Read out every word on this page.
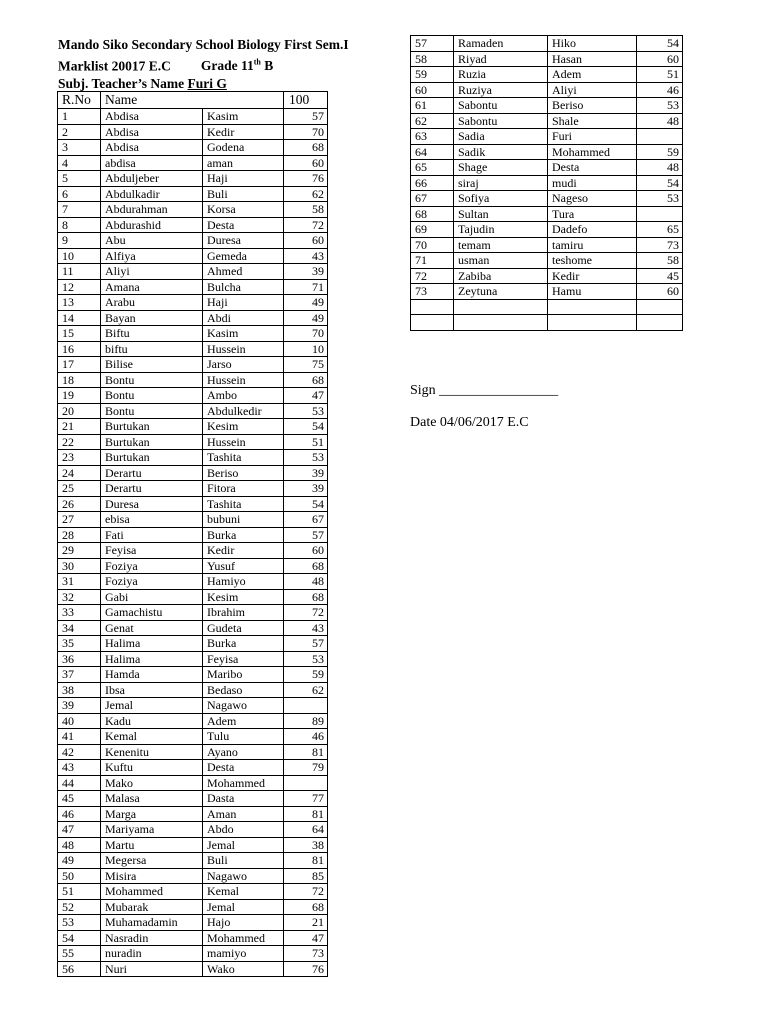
Mando Siko Secondary School Biology First Sem.I
Marklist 20017 E.C Grade 11th B
Subj. Teacher’s Name Furi G
R.No	Name		100
1	Abdisa	Kasim	57
2	Abdisa	Kedir	70
3	Abdisa	Godena	68
4	abdisa	aman	60
5	Abduljeber	Haji	76
6	Abdulkadir	Buli	62
7	Abdurahman	Korsa	58
8	Abdurashid	Desta	72
9	Abu	Duresa	60
10	Alfiya	Gemeda	43
11	Aliyi	Ahmed	39
12	Amana	Bulcha	71
13	Arabu	Haji	49
14	Bayan	Abdi	49
15	Biftu	Kasim	70
16	biftu	Hussein	10
17	Bilise	Jarso	75
18	Bontu	Hussein	68
19	Bontu	Ambo	47
20	Bontu	Abdulkedir	53
21	Burtukan	Kesim	54
22	Burtukan	Hussein	51
23	Burtukan	Tashita	53
24	Derartu	Beriso	39
25	Derartu	Fitora	39
26	Duresa	Tashita	54
27	ebisa	bubuni	67
28	Fati	Burka	57
29	Feyisa	Kedir	60
30	Foziya	Yusuf	68
31	Foziya	Hamiyo	48
32	Gabi	Kesim	68
33	Gamachistu	Ibrahim	72
34	Genat	Gudeta	43
35	Halima	Burka	57
36	Halima	Feyisa	53
37	Hamda	Maribo	59
38	Ibsa	Bedaso	62
39	Jemal	Nagawo	
40	Kadu	Adem	89
41	Kemal	Tulu	46
42	Kenenitu	Ayano	81
43	Kuftu	Desta	79
44	Mako	Mohammed	
45	Malasa	Dasta	77
46	Marga	Aman	81
47	Mariyama	Abdo	64
48	Martu	Jemal	38
49	Megersa	Buli	81
50	Misira	Nagawo	85
51	Mohammed	Kemal	72
52	Mubarak	Jemal	68
53	Muhamadamin	Hajo	21
54	Nasradin	Mohammed	47
55	nuradin	mamiyo	73
56	Nuri	Wako	76
57	Ramaden	Hiko	54
58	Riyad	Hasan	60
59	Ruzia	Adem	51
60	Ruziya	Aliyi	46
61	Sabontu	Beriso	53
62	Sabontu	Shale	48
63	Sadia	Furi	
64	Sadik	Mohammed	59
65	Shage	Desta	48
66	siraj	mudi	54
67	Sofiya	Nageso	53
68	Sultan	Tura	
69	Tajudin	Dadefo	65
70	temam	tamiru	73
71	usman	teshome	58
72	Zabiba	Kedir	45
73	Zeytuna	Hamu	60

Sign _________________
Date 04/06/2017 E.C
